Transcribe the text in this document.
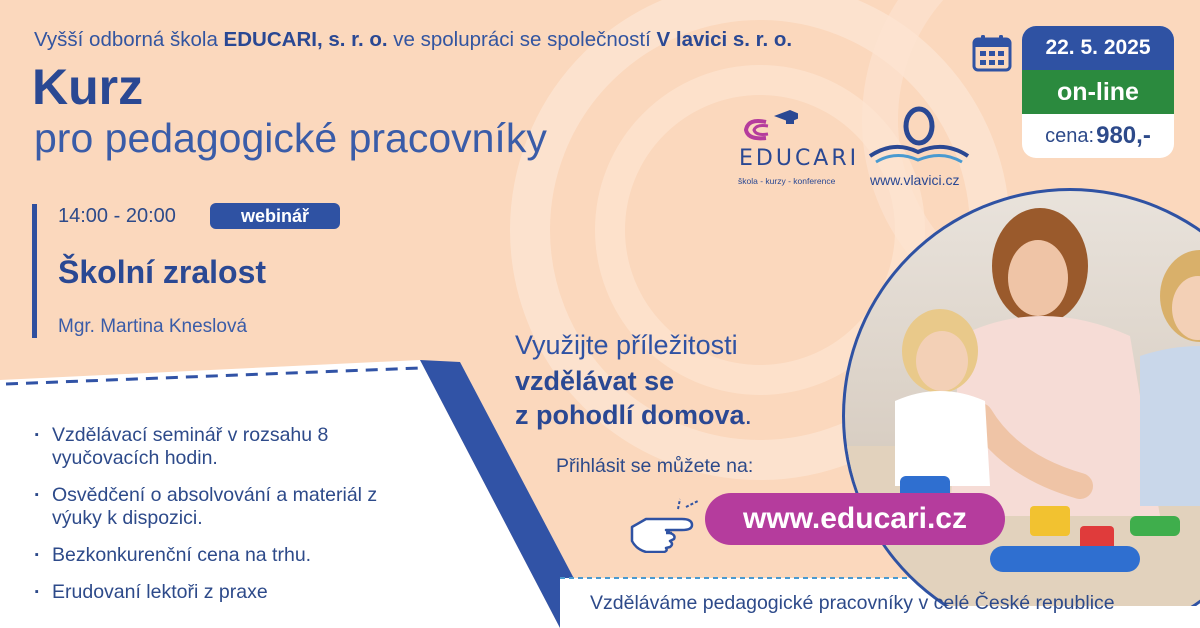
Vyšší odborná škola EDUCARI, s. r. o. ve spolupráci se společností V lavici s. r. o.
Kurz
pro pedagogické pracovníky
14:00 - 20:00	webinář
Školní zralost
Mgr. Martina Kneslová
· Vzdělávací seminář v rozsahu 8 vyučovacích hodin.
· Osvědčení o absolvování a materiál z výuky k dispozici.
· Bezkonkurenční cena na trhu.
· Erudovaní lektoři z praxe
Využijte příležitosti
vzdělávat se
z pohodlí domova.
Přihlásit se můžete na:
www.educari.cz
Vzděláváme pedagogické pracovníky v celé České republice
22. 5. 2025
on-line
cena: 980,-
EDUCARI
škola - kurzy - konference www.vlavici.cz
